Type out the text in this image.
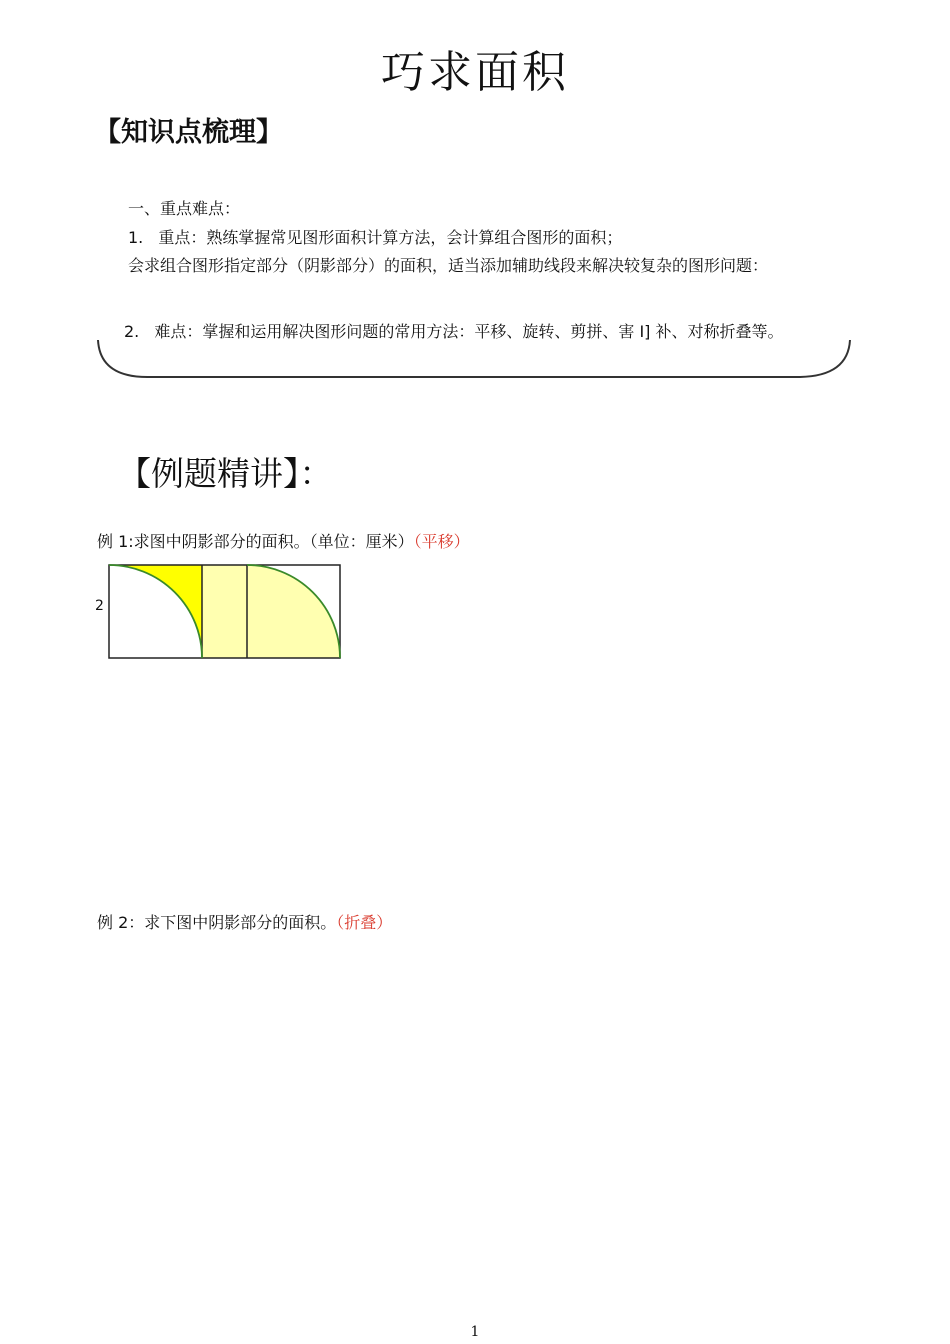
巧求面积
【知识点梳理】
一、重点难点：
1. 重点：熟练掌握常见图形面积计算方法，会计算组合图形的面积；
会求组合图形指定部分（阴影部分）的面积，适当添加辅助线段来解决较复杂的图形问题：
2. 难点：掌握和运用解决图形问题的常用方法：平移、旋转、剪拼、害 I] 补、对称折叠等。
【例题精讲】：
例 1:求图中阴影部分的面积。（单位：厘米）（平移）
2
例 2：求下图中阴影部分的面积。（折叠）
1
